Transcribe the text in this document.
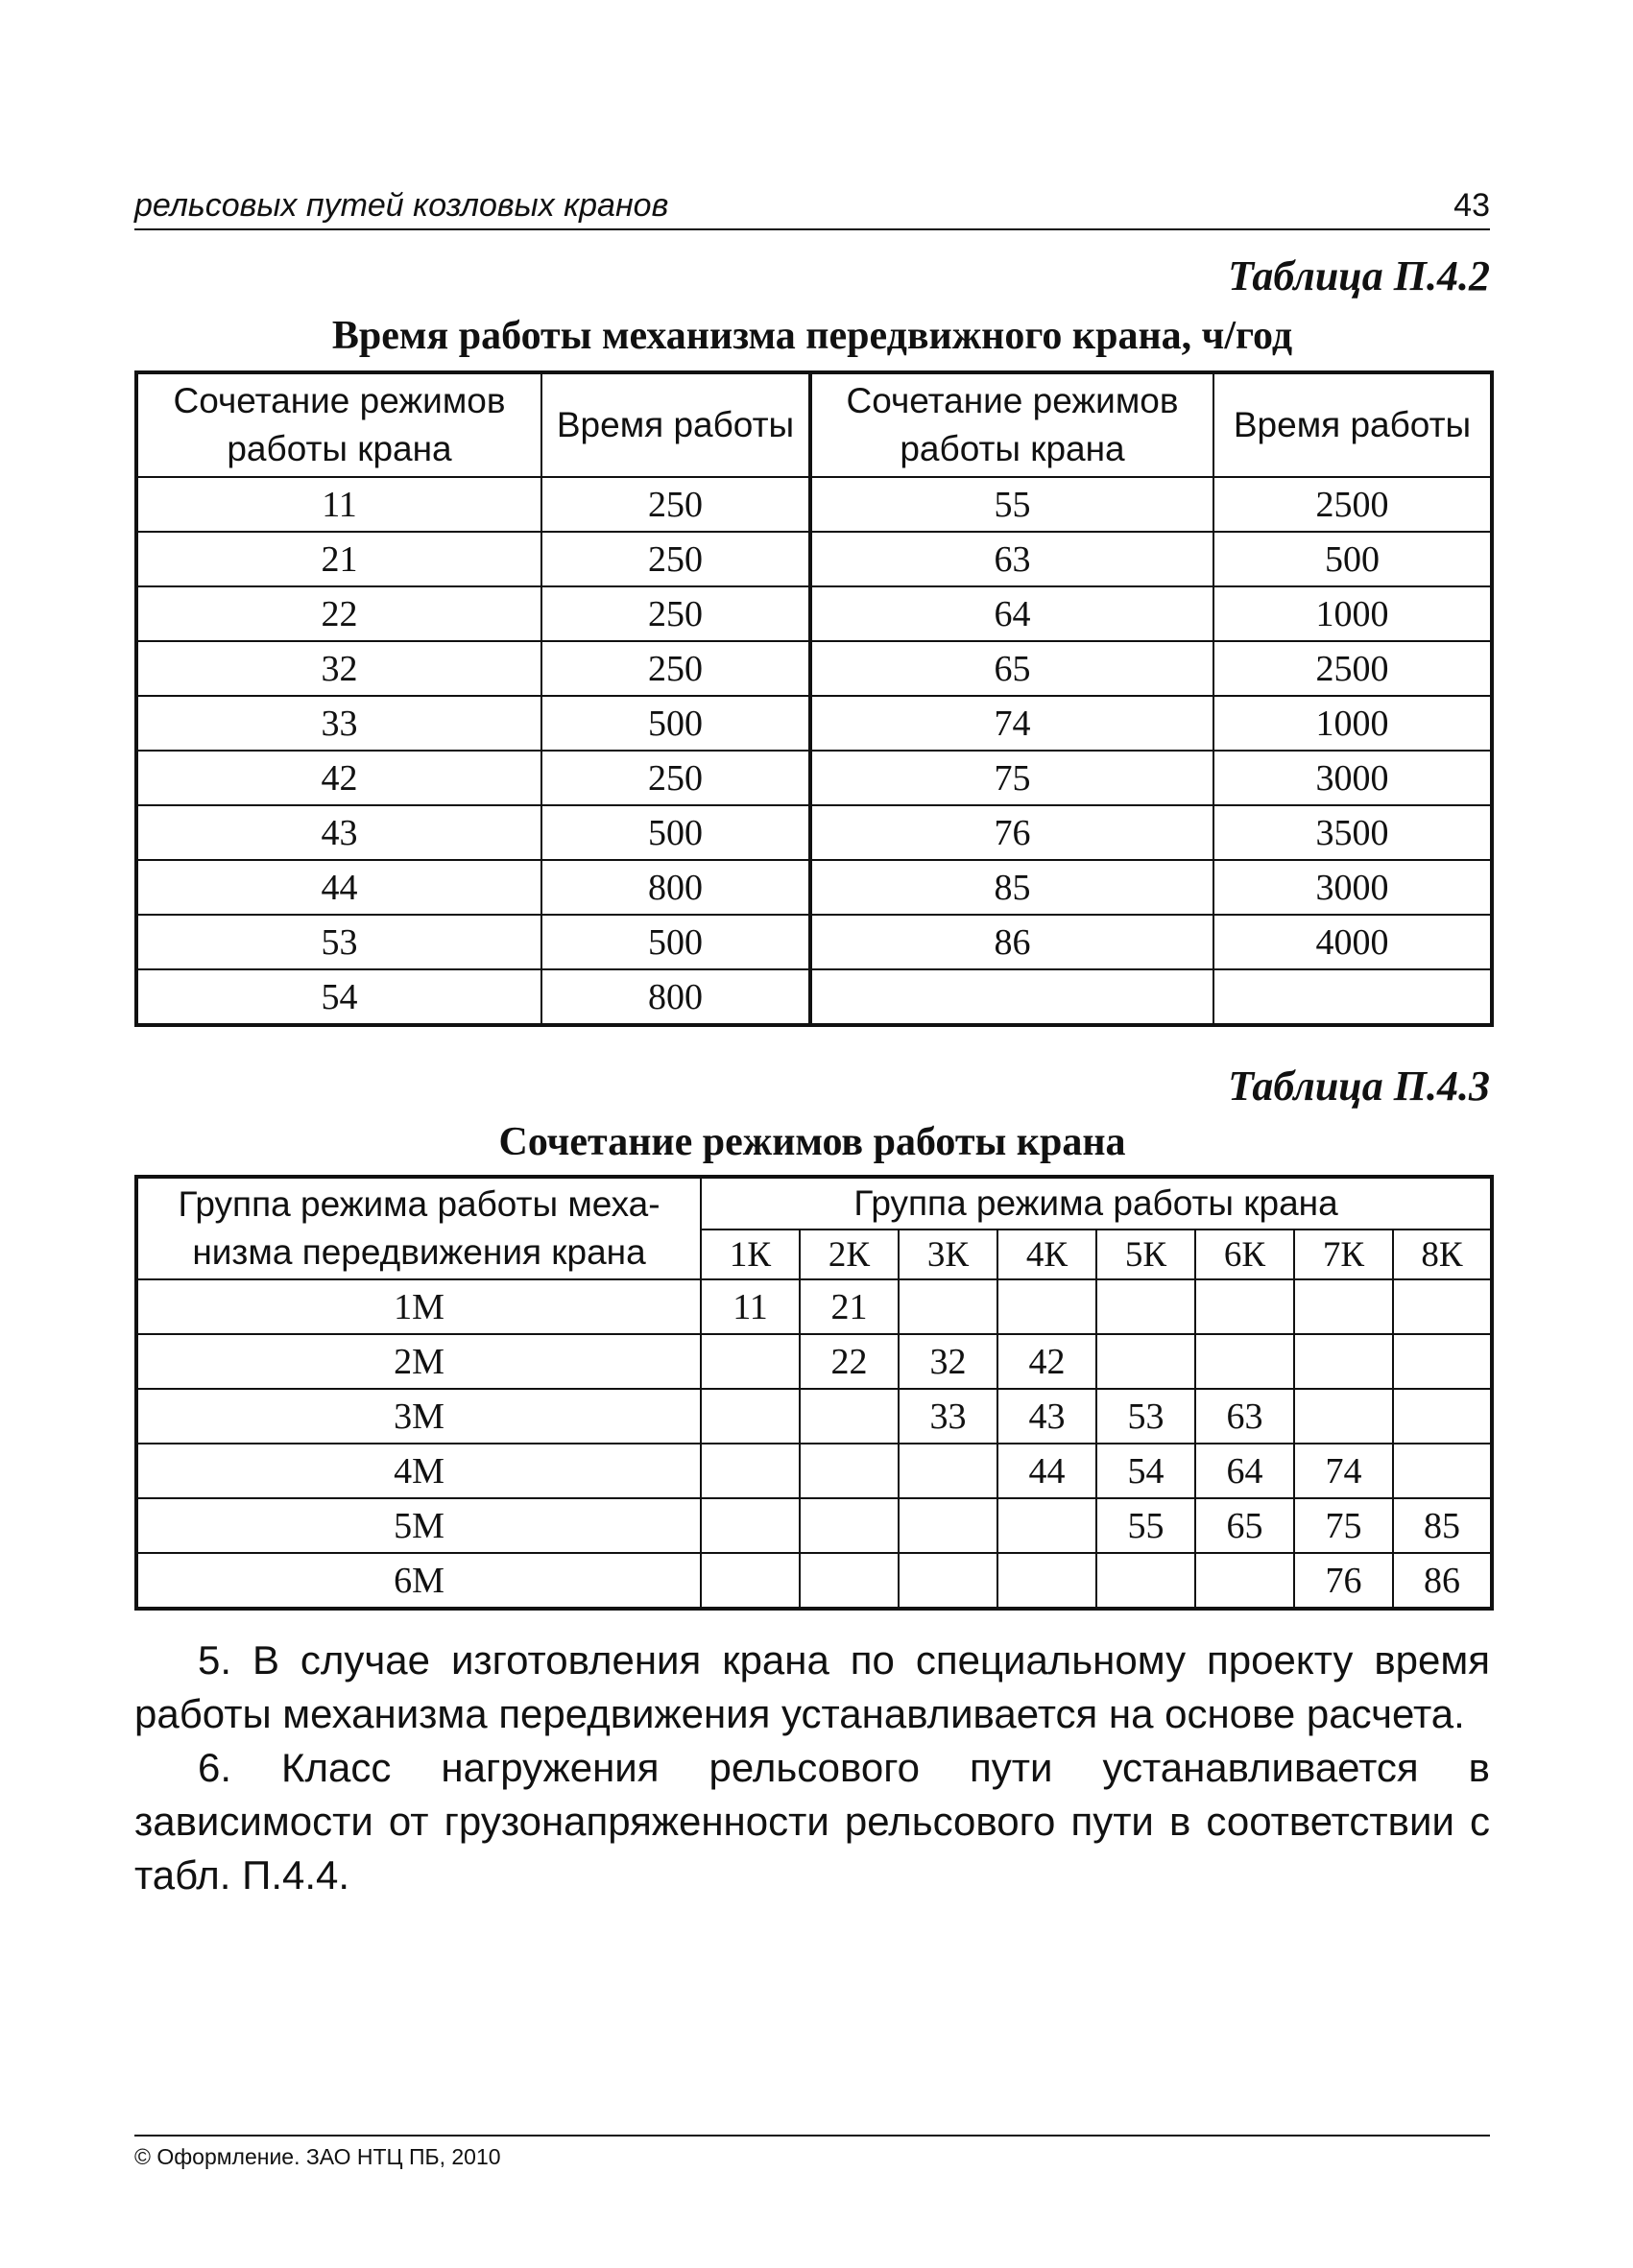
рельсовых путей козловых кранов	43
Таблица П.4.2
Время работы механизма передвижного крана, ч/год
Сочетание режимов работы крана	Время работы	Сочетание режимов работы крана	Время работы
11	250	55	2500
21	250	63	500
22	250	64	1000
32	250	65	2500
33	500	74	1000
42	250	75	3000
43	500	76	3500
44	800	85	3000
53	500	86	4000
54	800		
Таблица П.4.3
Сочетание режимов работы крана
Группа режима работы меха-низма передвижения крана	Группа режима работы крана							
	1К	2К	3К	4К	5К	6К	7К	8К
1М	11	21						
2М		22	32	42				
3М			33	43	53	63		
4М				44	54	64	74	
5М					55	65	75	85
6М							76	86

5. В случае изготовления крана по специальному проекту время работы механизма передвижения устанавливается на основе расчета.

6. Класс нагружения рельсового пути устанавливается в зависимости от грузонапряженности рельсового пути в соответствии с табл. П.4.4.

© Оформление. ЗАО НТЦ ПБ, 2010
